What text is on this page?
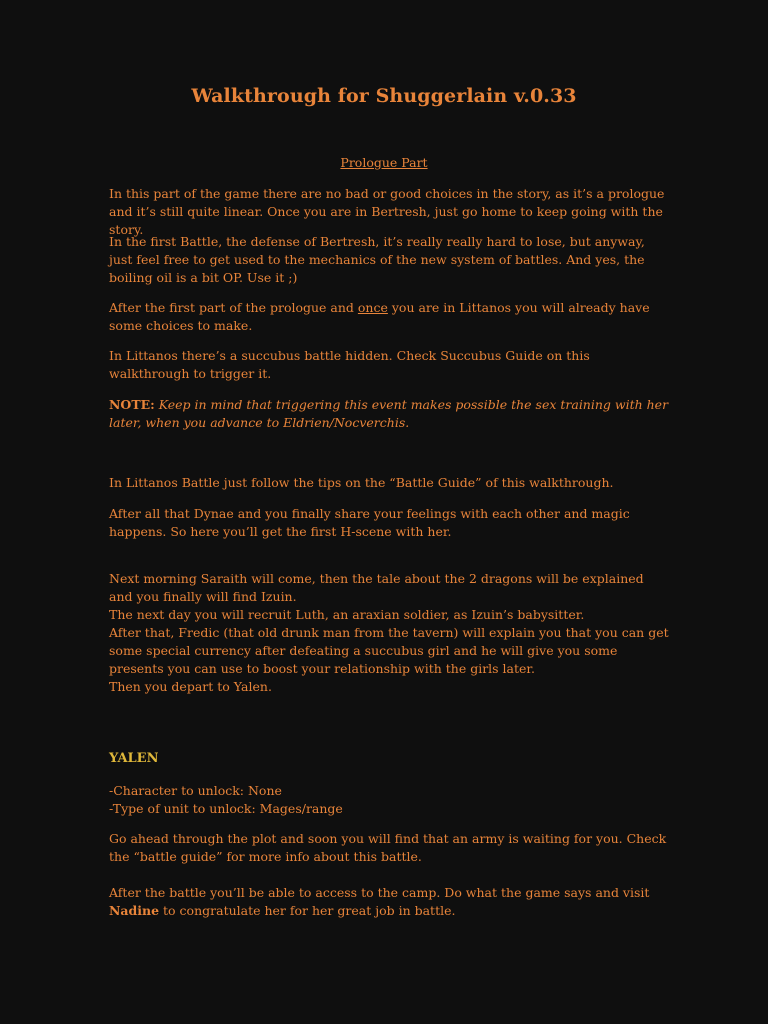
Walkthrough for Shuggerlain v.0.33
Prologue Part

In this part of the game there are no bad or good choices in the story, as it’s a prologue and it’s still quite linear. Once you are in Bertresh, just go home to keep going with the story.

In the first Battle, the defense of Bertresh, it’s really really hard to lose, but anyway, just feel free to get used to the mechanics of the new system of battles. And yes, the boiling oil is a bit OP. Use it ;)

After the first part of the prologue and once you are in Littanos you will already have some choices to make.

In Littanos there’s a succubus battle hidden. Check Succubus Guide on this walkthrough to trigger it.

NOTE: Keep in mind that triggering this event makes possible the sex training with her later, when you advance to Eldrien/Nocverchis.

In Littanos Battle just follow the tips on the “Battle Guide” of this walkthrough.

After all that Dynae and you finally share your feelings with each other and magic happens. So here you’ll get the first H-scene with her.

Next morning Saraith will come, then the tale about the 2 dragons will be explained and you finally will find Izuin.

The next day you will recruit Luth, an araxian soldier, as Izuin’s babysitter.

After that, Fredic (that old drunk man from the tavern) will explain you that you can get some special currency after defeating a succubus girl and he will give you some presents you can use to boost your relationship with the girls later.

Then you depart to Yalen.

YALEN

-Character to unlock: None

-Type of unit to unlock: Mages/range

Go ahead through the plot and soon you will find that an army is waiting for you. Check the “battle guide” for more info about this battle.

After the battle you’ll be able to access to the camp. Do what the game says and visit Nadine to congratulate her for her great job in battle.
